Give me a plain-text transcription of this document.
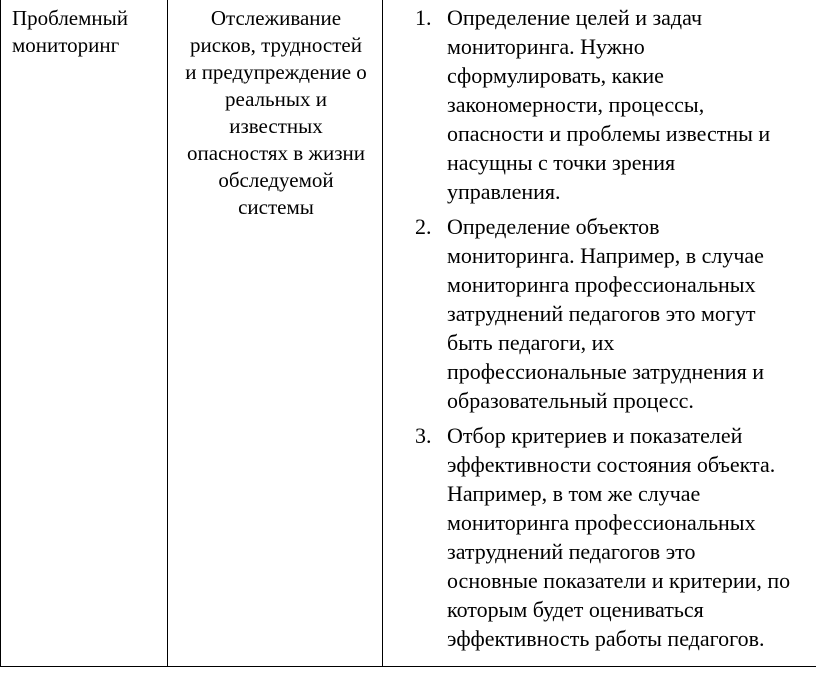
Проблемный
мониторинг
Отслеживание
рисков, трудностей
и предупреждение о
реальных и
известных
опасностях в жизни
обследуемой
системы
1. Определение целей и задач
мониторинга. Нужно
сформулировать, какие
закономерности, процессы,
опасности и проблемы известны и
насущны с точки зрения
управления.
2. Определение объектов
мониторинга. Например, в случае
мониторинга профессиональных
затруднений педагогов это могут
быть педагоги, их
профессиональные затруднения и
образовательный процесс.
3. Отбор критериев и показателей
эффективности состояния объекта.
Например, в том же случае
мониторинга профессиональных
затруднений педагогов это
основные показатели и критерии, по
которым будет оцениваться
эффективность работы педагогов.
